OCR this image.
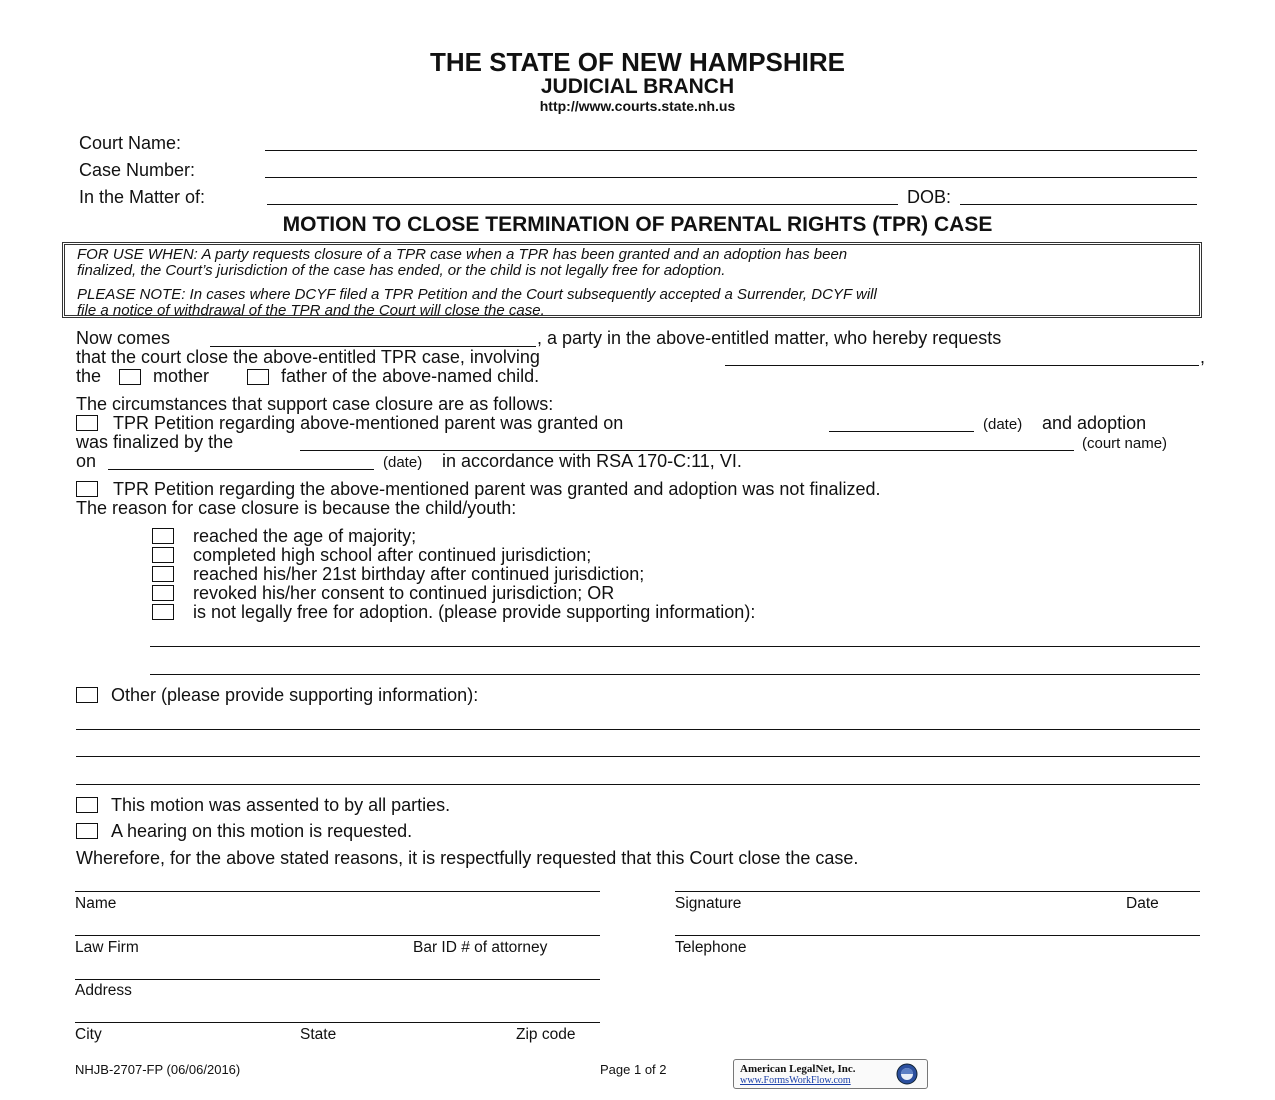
THE STATE OF NEW HAMPSHIRE
JUDICIAL BRANCH
http://www.courts.state.nh.us
Court Name:
Case Number:
In the Matter of:	DOB:
MOTION TO CLOSE TERMINATION OF PARENTAL RIGHTS (TPR) CASE
FOR USE WHEN: A party requests closure of a TPR case when a TPR has been granted and an adoption has been
finalized, the Court’s jurisdiction of the case has ended, or the child is not legally free for adoption.
PLEASE NOTE: In cases where DCYF filed a TPR Petition and the Court subsequently accepted a Surrender, DCYF will
file a notice of withdrawal of the TPR and the Court will close the case.
Now comes	, a party in the above-entitled matter, who hereby requests
that the court close the above-entitled TPR case, involving	,
the	mother	father of the above-named child.
The circumstances that support case closure are as follows:
TPR Petition regarding above-mentioned parent was granted on	(date) and adoption
was finalized by the	(court name)
on	(date) in accordance with RSA 170-C:11, VI.
TPR Petition regarding the above-mentioned parent was granted and adoption was not finalized.
The reason for case closure is because the child/youth:
reached the age of majority;
completed high school after continued jurisdiction;
reached his/her 21st birthday after continued jurisdiction;
revoked his/her consent to continued jurisdiction; OR
is not legally free for adoption. (please provide supporting information):
Other (please provide supporting information):
This motion was assented to by all parties.
A hearing on this motion is requested.
Wherefore, for the above stated reasons, it is respectfully requested that this Court close the case.
Name	Signature	Date
Law Firm	Bar ID # of attorney	Telephone
Address
City	State	Zip code
NHJB-2707-FP (06/06/2016)	Page 1 of 2	American LegalNet, Inc.
www.FormsWorkFlow.com
